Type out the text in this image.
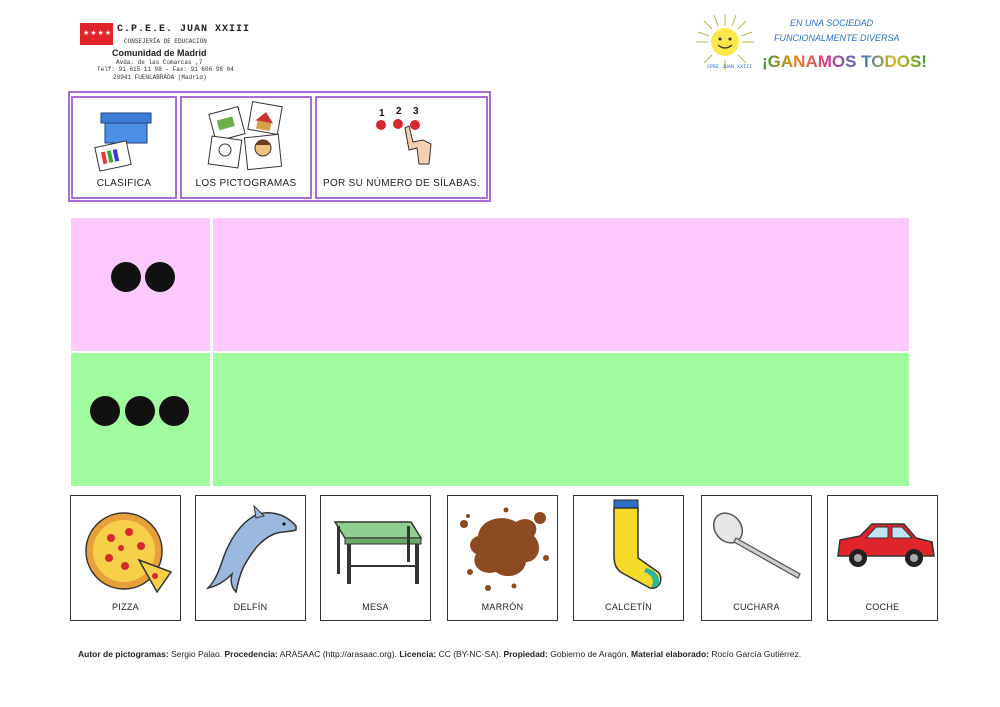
★★★★ C.P.E.E. JUAN XXIII
CONSEJERÍA DE EDUCACIÓN
Comunidad de Madrid
Avda. de las Comarcas ,7
Telf: 91 615 11 98 - Fax: 91 606 98 04
28941 FUENLABRADA (Madrid)
CPEE JUAN XXIII
EN UNA SOCIEDAD
FUNCIONALMENTE DIVERSA
¡GANAMOS TODOS!
CLASIFICA	LOS PICTOGRAMAS
1 2 3
POR SU NÚMERO DE SÍLABAS.
PIZZA	DELFÍN	MESA	MARRÓN	CALCETÍN	CUCHARA	COCHE
Autor de pictogramas: Sergio Palao. Procedencia: ARASAAC (http://arasaac.org). Licencia: CC (BY-NC-SA). Propiedad: Gobierno de Aragón. Material elaborado: Rocío García Gutiérrez.
